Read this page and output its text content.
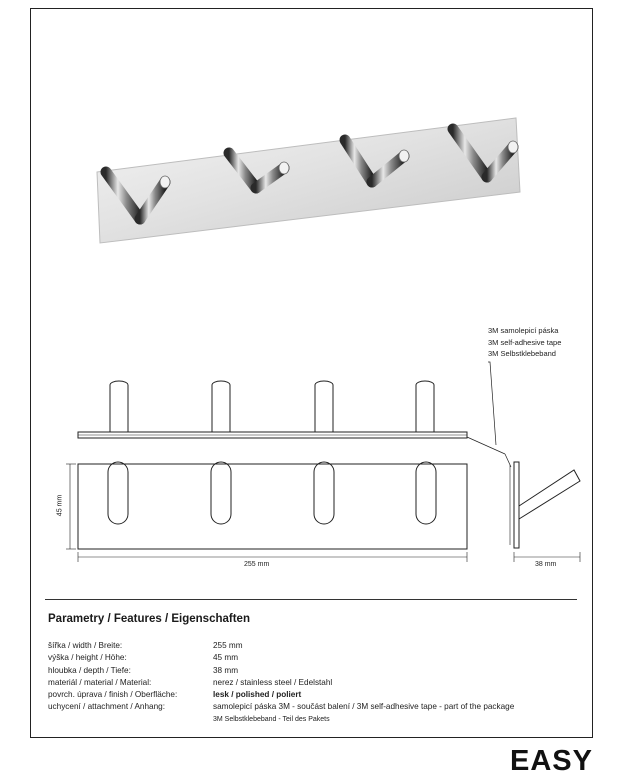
3M samolepicí páska
3M self-adhesive tape
3M Selbstklebeband
45 mm
255 mm	38 mm
Parametry / Features / Eigenschaften
šířka / width / Breite:	255 mm
výška / height / Höhe:	45 mm
hloubka / depth / Tiefe:	38 mm
materiál / material / Material:	nerez / stainless steel / Edelstahl
povrch. úprava / finish / Oberfläche:	lesk / polished / poliert
uchycení / attachment / Anhang:	samolepicí páska 3M - součást balení / 3M self-adhesive tape - part of the package
3M Selbstklebeband - Teil des Pakets
EASY
